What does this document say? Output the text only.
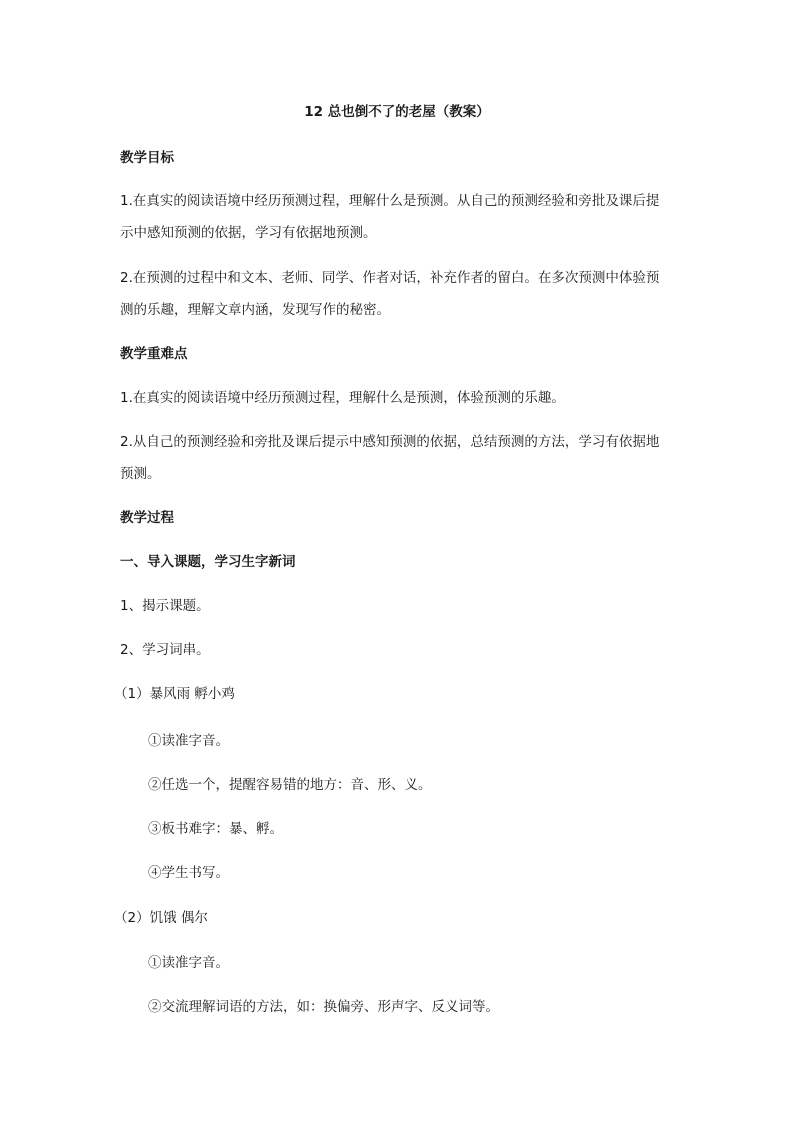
12 总也倒不了的老屋（教案）
教学目标
1.在真实的阅读语境中经历预测过程，理解什么是预测。从自己的预测经验和旁批及课后提
示中感知预测的依据，学习有依据地预测。
2.在预测的过程中和文本、老师、同学、作者对话，补充作者的留白。在多次预测中体验预
测的乐趣，理解文章内涵，发现写作的秘密。
教学重难点
1.在真实的阅读语境中经历预测过程，理解什么是预测，体验预测的乐趣。
2.从自己的预测经验和旁批及课后提示中感知预测的依据，总结预测的方法，学习有依据地
预测。
教学过程
一、导入课题，学习生字新词
1、揭示课题。
2、学习词串。
（1）暴风雨 孵小鸡
①读准字音。
②任选一个，提醒容易错的地方：音、形、义。
③板书难字：暴、孵。
④学生书写。
（2）饥饿 偶尔
①读准字音。
②交流理解词语的方法，如：换偏旁、形声字、反义词等。
